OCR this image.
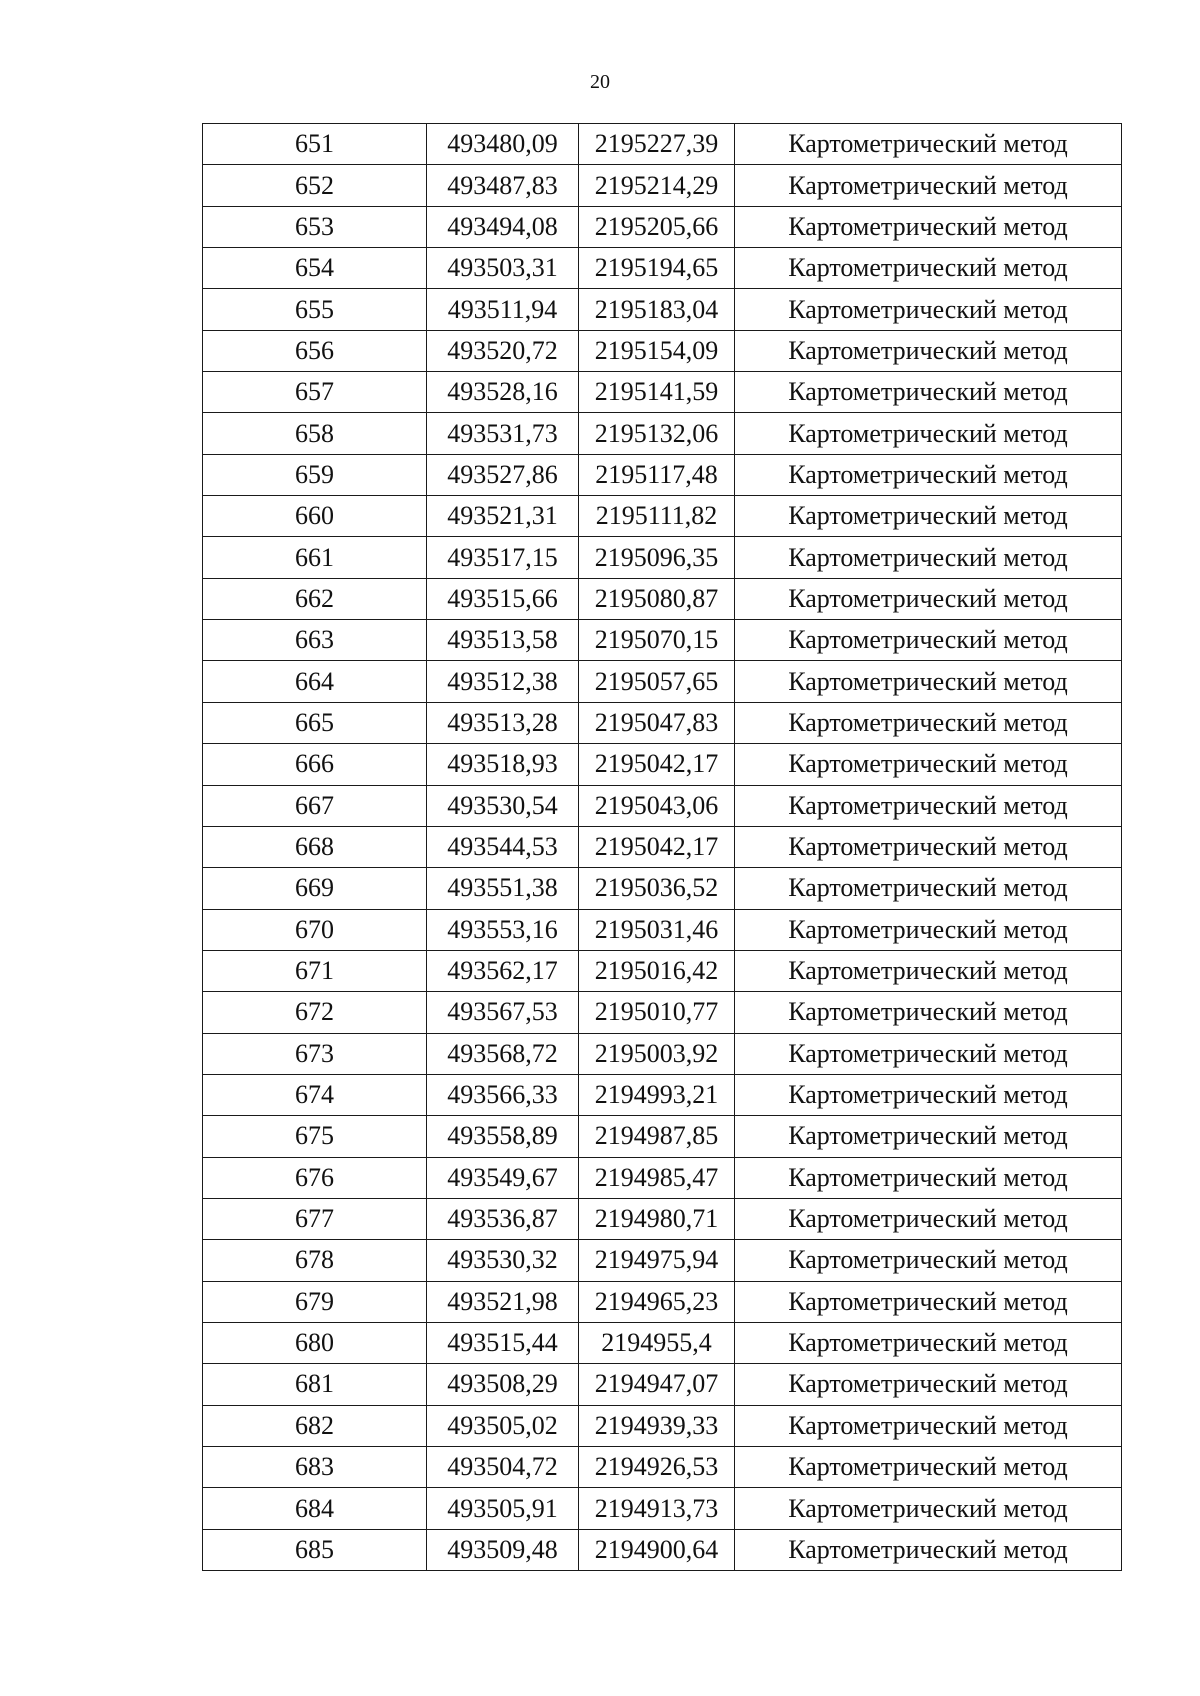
20
651	493480,09	2195227,39	Картометрический метод
652	493487,83	2195214,29	Картометрический метод
653	493494,08	2195205,66	Картометрический метод
654	493503,31	2195194,65	Картометрический метод
655	493511,94	2195183,04	Картометрический метод
656	493520,72	2195154,09	Картометрический метод
657	493528,16	2195141,59	Картометрический метод
658	493531,73	2195132,06	Картометрический метод
659	493527,86	2195117,48	Картометрический метод
660	493521,31	2195111,82	Картометрический метод
661	493517,15	2195096,35	Картометрический метод
662	493515,66	2195080,87	Картометрический метод
663	493513,58	2195070,15	Картометрический метод
664	493512,38	2195057,65	Картометрический метод
665	493513,28	2195047,83	Картометрический метод
666	493518,93	2195042,17	Картометрический метод
667	493530,54	2195043,06	Картометрический метод
668	493544,53	2195042,17	Картометрический метод
669	493551,38	2195036,52	Картометрический метод
670	493553,16	2195031,46	Картометрический метод
671	493562,17	2195016,42	Картометрический метод
672	493567,53	2195010,77	Картометрический метод
673	493568,72	2195003,92	Картометрический метод
674	493566,33	2194993,21	Картометрический метод
675	493558,89	2194987,85	Картометрический метод
676	493549,67	2194985,47	Картометрический метод
677	493536,87	2194980,71	Картометрический метод
678	493530,32	2194975,94	Картометрический метод
679	493521,98	2194965,23	Картометрический метод
680	493515,44	2194955,4	Картометрический метод
681	493508,29	2194947,07	Картометрический метод
682	493505,02	2194939,33	Картометрический метод
683	493504,72	2194926,53	Картометрический метод
684	493505,91	2194913,73	Картометрический метод
685	493509,48	2194900,64	Картометрический метод
